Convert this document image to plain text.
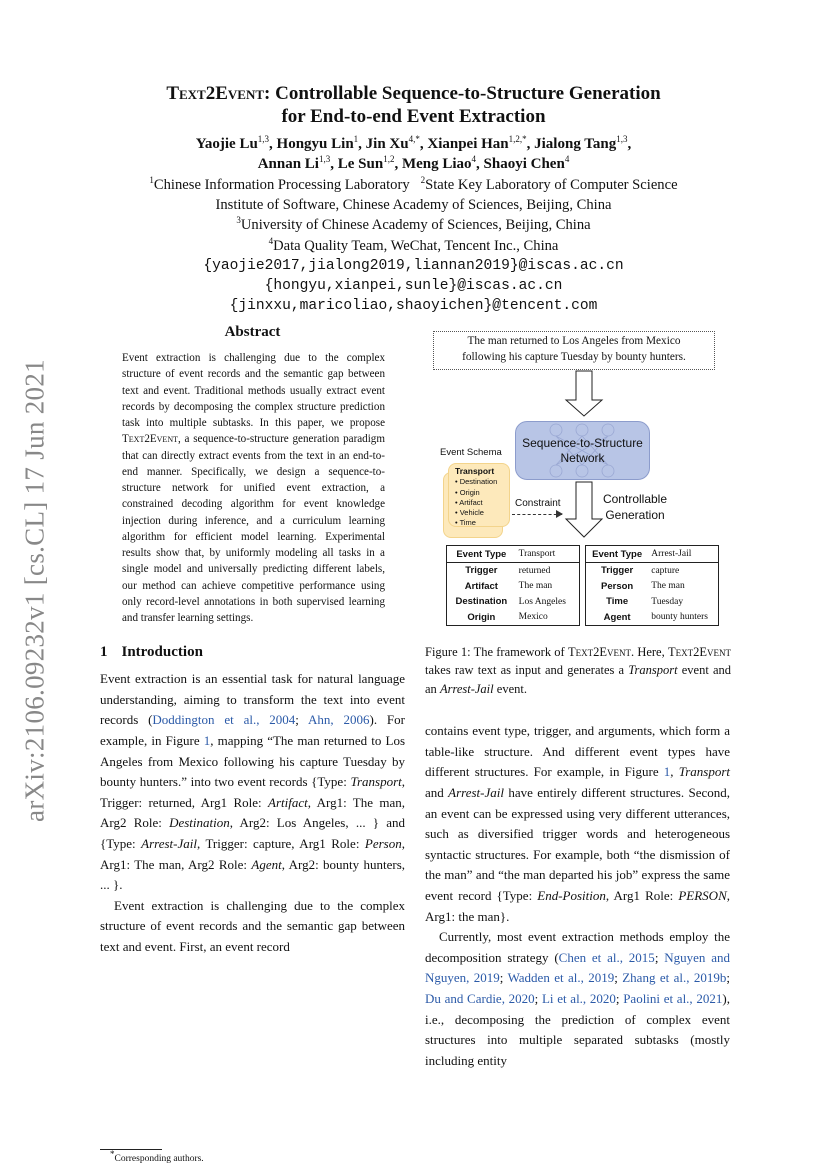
Text2Event: Controllable Sequence-to-Structure Generation
for End-to-end Event Extraction
Yaojie Lu$^{1,3}$, Hongyu Lin$^1$, Jin $Xu^{4,*}$, Xianpei Han$^{1,2,*}$, Jialong Tang$^{1,3}$,
Annan Li$^{1,3}$, Le Sun$^{1,2}$, Meng Liao$^4$, Shaoyi Chen$^4$
$^1$Chinese Information Processing Laboratory $^2$State Key Laboratory of Computer Science
Institute of Software, Chinese Academy of Sciences, Beijing, China
$^3$University of Chinese Academy of Sciences, Beijing, China
$^4$Data Quality Team, WeChat, Tencent Inc., China
{yaojie2017,jialong2019,liannan2019}@iscas.ac.cn
{hongyu,xianpei,sunle}@iscas.ac.cn
{jinxxu,maricoliao,shaoyichen}@tencent.com
arXiv:2106.09232v1 [cs.CL] 17 Jun 2021
Abstract

Event extraction is challenging due to the complex structure of event records and the semantic gap between text and event. Traditional methods usually extract event records by decomposing the complex structure prediction task into multiple subtasks. In this paper, we propose Text2Event, a sequence-to-structure generation paradigm that can directly extract events from the text in an end-to-end manner. Specifically, we design a sequence-to-structure network for unified event extraction, a constrained decoding algorithm for event knowledge injection during inference, and a curriculum learning algorithm for efficient model learning. Experimental results show that, by uniformly modeling all tasks in a single model and universally predicting different labels, our method can achieve competitive performance using only record-level annotations in both supervised learning and transfer learning settings.

1 Introduction

Event extraction is an essential task for natural language understanding, aiming to transform the text into event records (Doddington et al., 2004; Ahn, 2006). For example, in Figure 1, mapping “The man returned to Los Angeles from Mexico following his capture Tuesday by bounty hunters.” into two event records {Type: Transport, Trigger: returned, Arg1 Role: Artifact, Arg1: The man, Arg2 Role: Destination, Arg2: Los Angeles, ... } and {Type: Arrest-Jail, Trigger: capture, Arg1 Role: Person, Arg1: The man, Arg2 Role: Agent, Arg2: bounty hunters, ... }.

Event extraction is challenging due to the complex structure of event records and the semantic gap between text and event. First, an event record

*Corresponding authors.
The man returned to Los Angeles from Mexico
following his capture Tuesday by bounty hunters.
Sequence-to-Structure
Network
Event Schema
Transport
• Destination
• Origin
• Artifact
• Vehicle
• Time
Constraint	Controllable
Generation
Event Type	Transport
Trigger	returned
Artifact	The man
Destination	Los Angeles
Origin	Mexico
Event Type	Arrest-Jail
Trigger	capture
Person	The man
Time	Tuesday
Agent	bounty hunters

Figure 1: The framework of Text2Event. Here, Text2Event takes raw text as input and generates a Transport event and an Arrest-Jail event.

contains event type, trigger, and arguments, which form a table-like structure. And different event types have different structures. For example, in Figure 1, Transport and Arrest-Jail have entirely different structures. Second, an event can be expressed using very different utterances, such as diversified trigger words and heterogeneous syntactic structures. For example, both “the dismission of the man” and “the man departed his job” express the same event record {Type: End-Position, Arg1 Role: PERSON, Arg1: the man}.

Currently, most event extraction methods employ the decomposition strategy (Chen et al., 2015; Nguyen and Nguyen, 2019; Wadden et al., 2019; Zhang et al., 2019b; Du and Cardie, 2020; Li et al., 2020; Paolini et al., 2021), i.e., decomposing the prediction of complex event structures into multiple separated subtasks (mostly including entity
